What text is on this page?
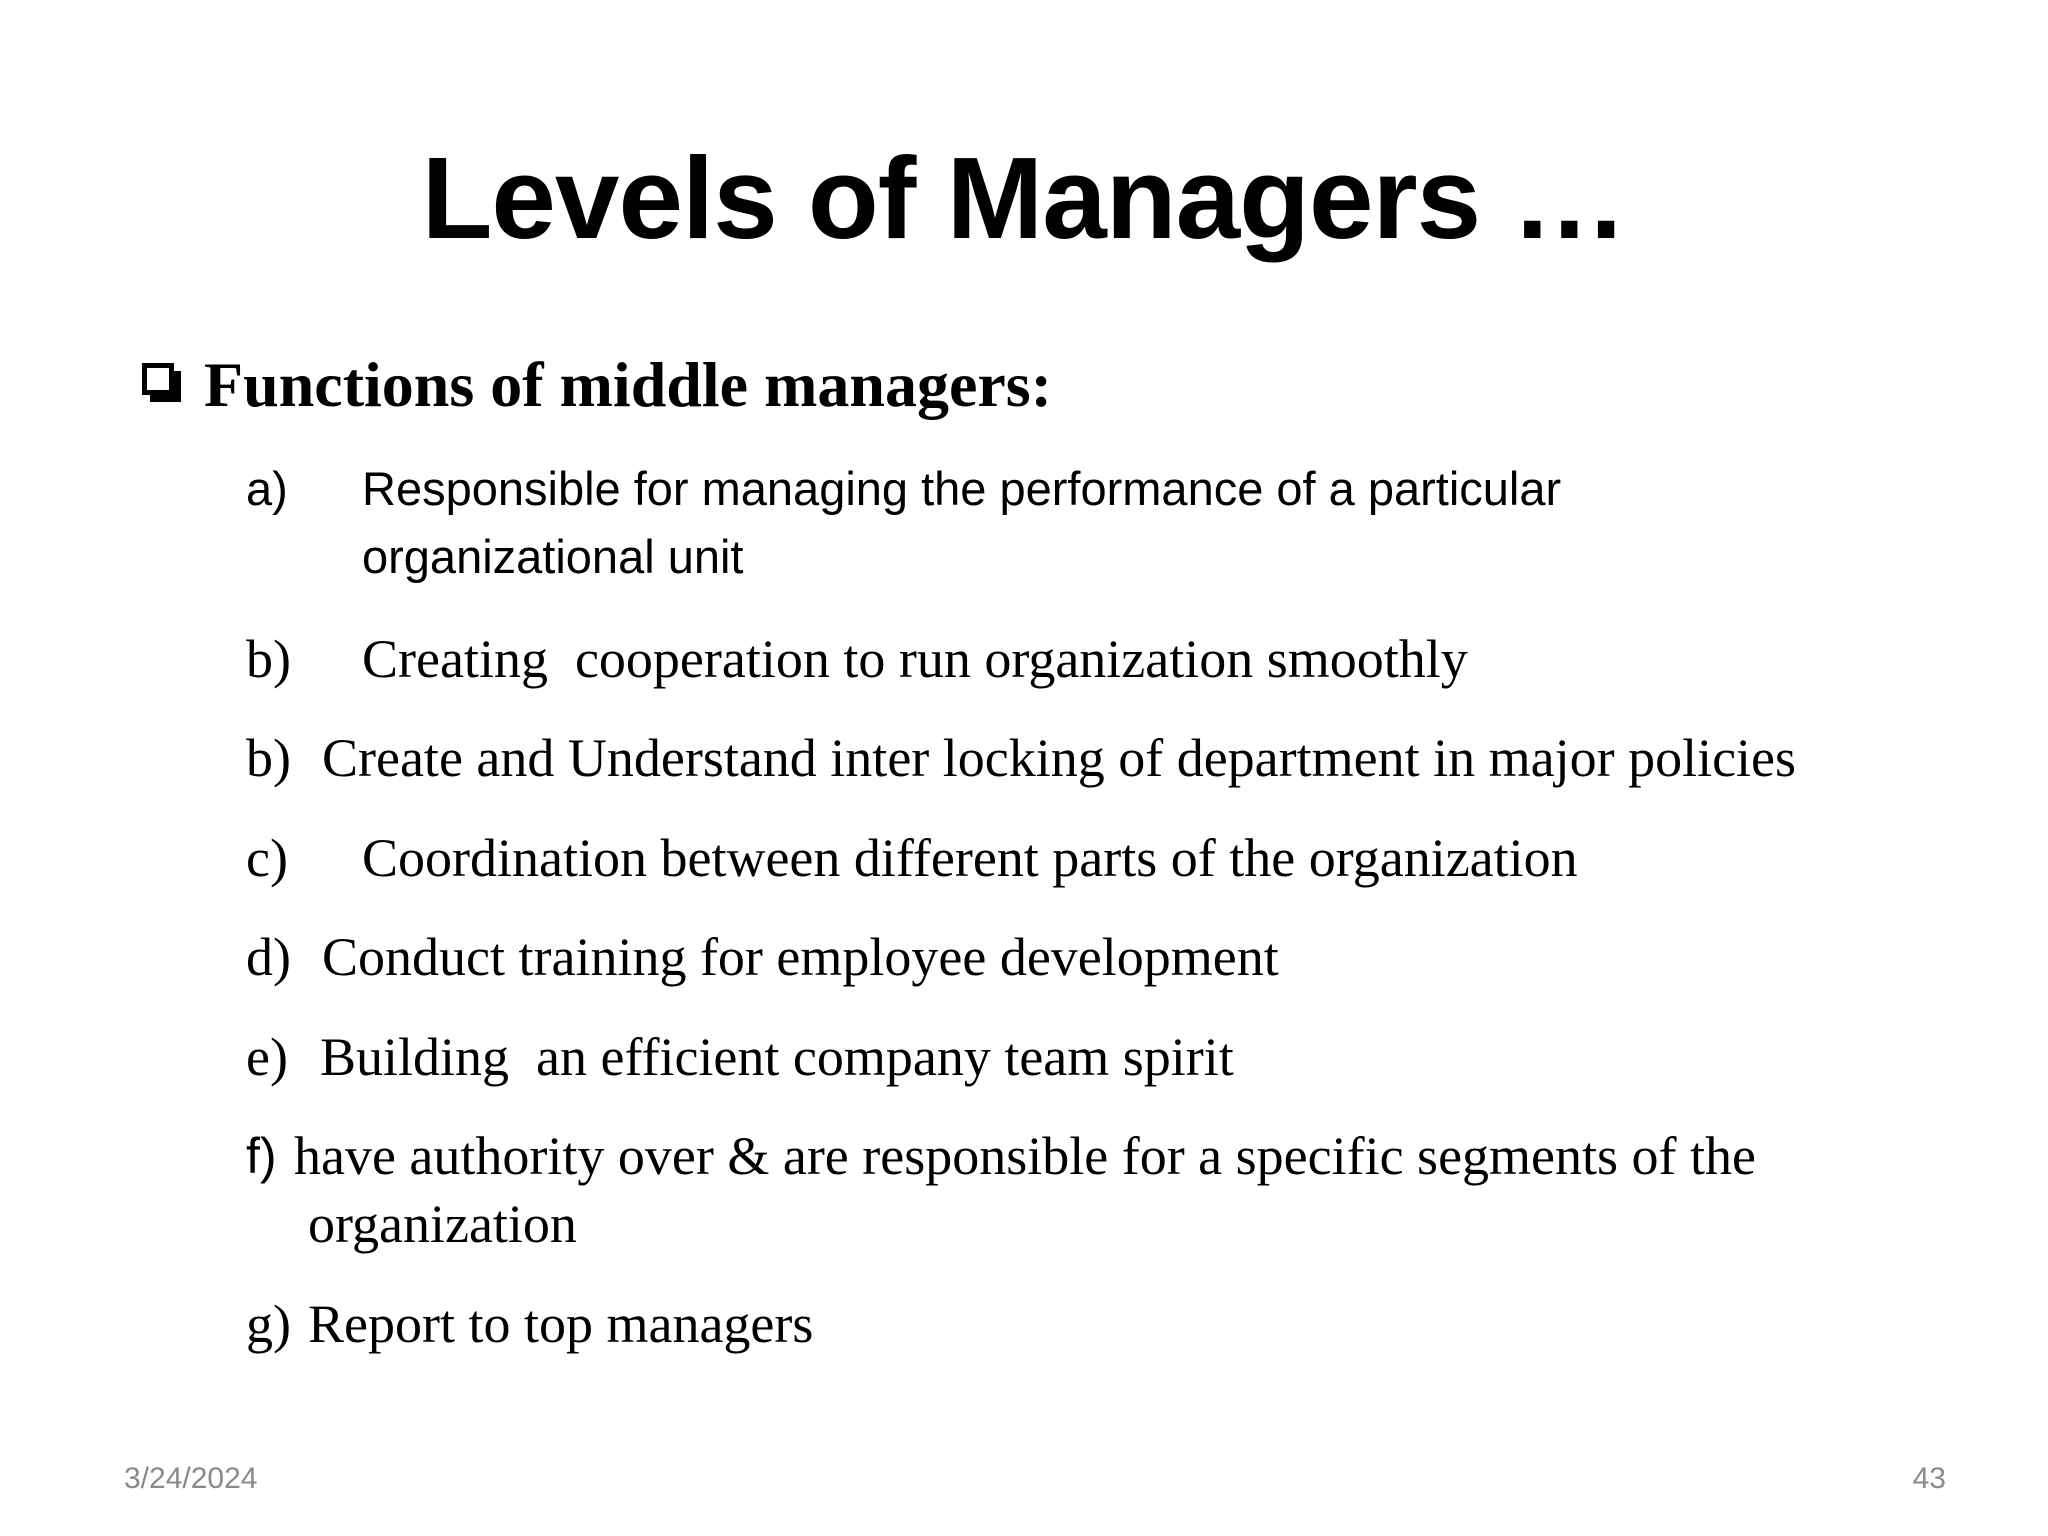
Levels of Managers …
Functions of middle managers:
a)	Responsible for managing the performance of a particular organizational unit
b)	Creating  cooperation to run organization smoothly
b) Create and Understand inter locking of department in major policies
c)	Coordination between different parts of the organization
d) Conduct training for employee development
e) Building  an efficient company team spirit
f) have authority over & are responsible for a specific segments of the
organization
g) Report to top managers
3/24/2024	43
